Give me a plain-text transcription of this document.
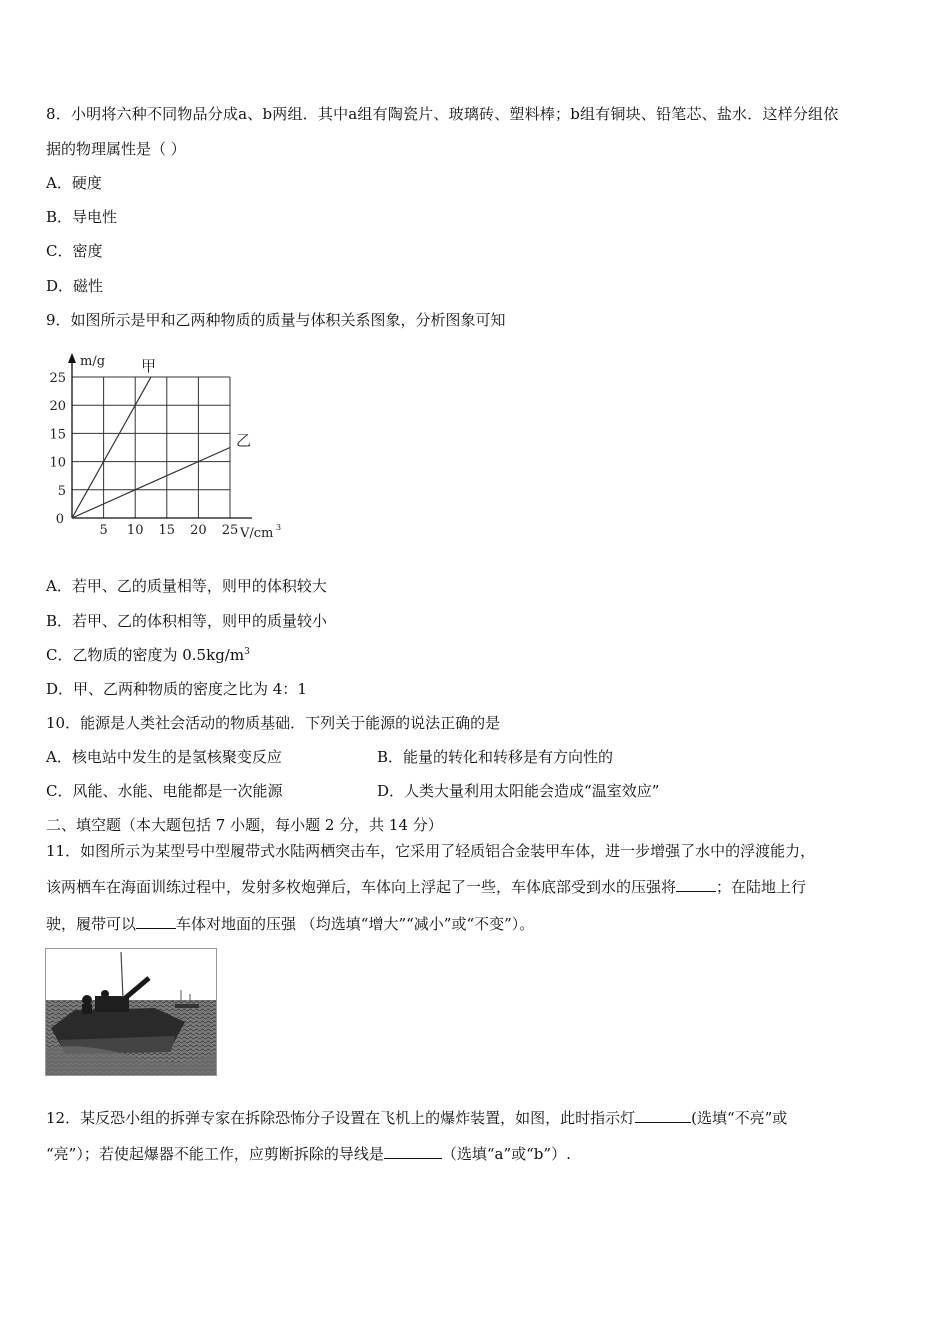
8．小明将六种不同物品分成a、b两组．其中a组有陶瓷片、玻璃砖、塑料棒；b组有铜块、铅笔芯、盐水．这样分组依
据的物理属性是（ ）
A．硬度
B．导电性
C．密度
D．磁性
9．如图所示是甲和乙两种物质的质量与体积关系图象，分析图象可知
5 10 15 20 25
5
10
15
20
25
0
m/g
V/cm 3
甲
乙
A．若甲、乙的质量相等，则甲的体积较大
B．若甲、乙的体积相等，则甲的质量较小
C．乙物质的密度为 $0.5kg/m^3$
D．甲、乙两种物质的密度之比为 4：1
10．能源是人类社会活动的物质基础．下列关于能源的说法正确的是
A．核电站中发生的是氢核聚变反应	B．能量的转化和转移是有方向性的
C．风能、水能、电能都是一次能源	D．人类大量利用太阳能会造成“温室效应”
二、填空题（本大题包括 7 小题，每小题 2 分，共 14 分）
11．如图所示为某型号中型履带式水陆两栖突击车，它采用了轻质铝合金装甲车体，进一步增强了水中的浮渡能力，
该两栖车在海面训练过程中，发射多枚炮弹后，车体向上浮起了一些，车体底部受到水的压强将	；在陆地上行
驶，履带可以	车体对地面的压强 （均选填“增大”“减小”或“不变”）。
12．某反恐小组的拆弹专家在拆除恐怖分子设置在飞机上的爆炸装置，如图，此时指示灯	(选填“不亮”或
“亮”）；若使起爆器不能工作，应剪断拆除的导线是	（选填“a”或“b”）.
